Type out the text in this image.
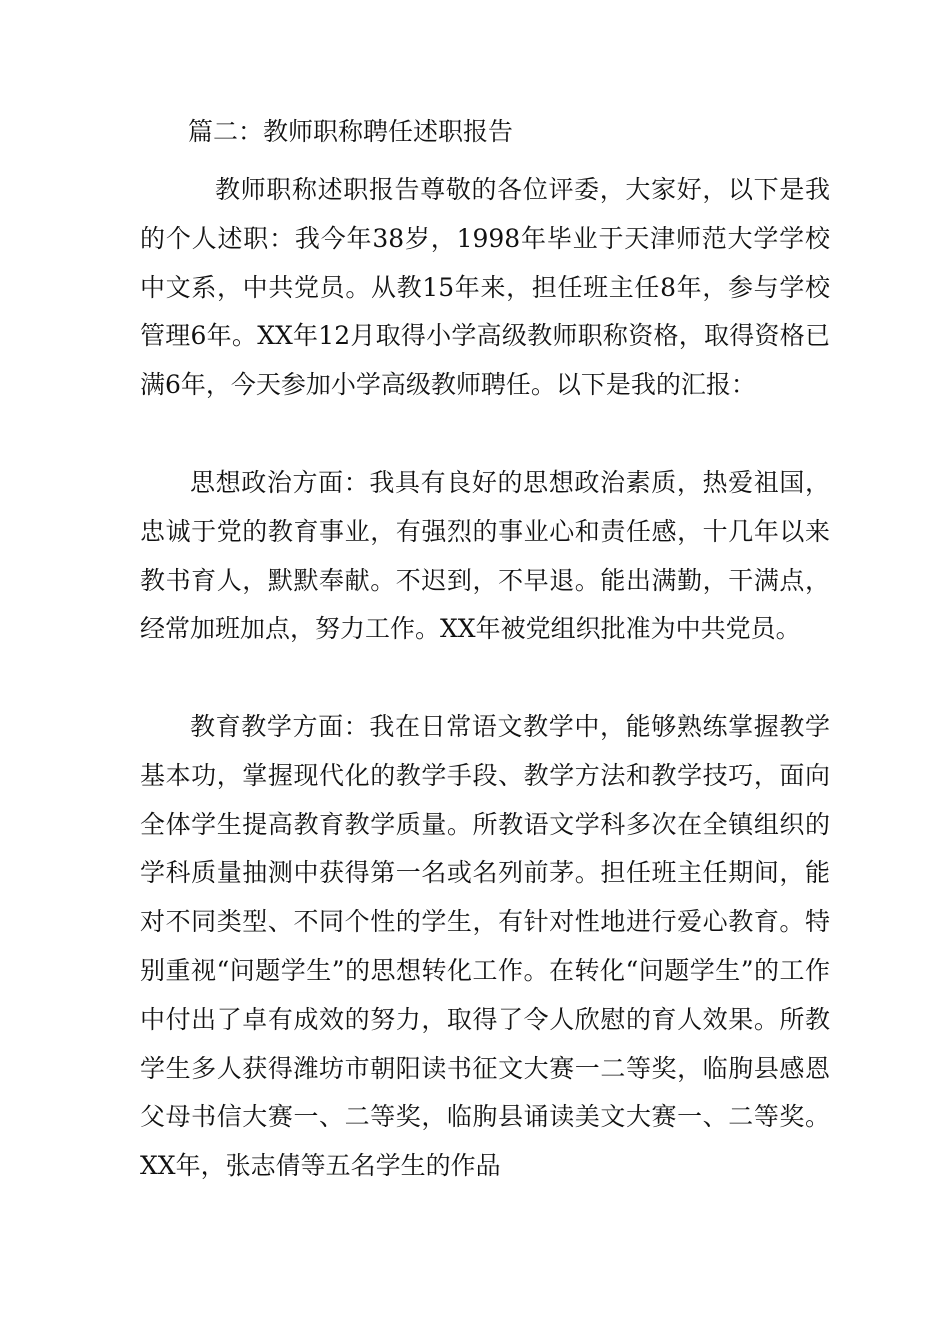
篇二：教师职称聘任述职报告

教师职称述职报告尊敬的各位评委，大家好，以下是我的个人述职：我今年38岁，1998年毕业于天津师范大学学校中文系，中共党员。从教15年来，担任班主任8年，参与学校管理6年。XX年12月取得小学高级教师职称资格，取得资格已满6年，今天参加小学高级教师聘任。以下是我的汇报：

思想政治方面：我具有良好的思想政治素质，热爱祖国，忠诚于党的教育事业，有强烈的事业心和责任感，十几年以来教书育人，默默奉献。不迟到，不早退。能出满勤，干满点，经常加班加点，努力工作。XX年被党组织批准为中共党员。

教育教学方面：我在日常语文教学中，能够熟练掌握教学基本功，掌握现代化的教学手段、教学方法和教学技巧，面向全体学生提高教育教学质量。所教语文学科多次在全镇组织的学科质量抽测中获得第一名或名列前茅。担任班主任期间，能对不同类型、不同个性的学生，有针对性地进行爱心教育。特别重视“问题学生”的思想转化工作。在转化“问题学生”的工作中付出了卓有成效的努力，取得了令人欣慰的育人效果。所教学生多人获得潍坊市朝阳读书征文大赛一二等奖，临朐县感恩父母书信大赛一、二等奖，临朐县诵读美文大赛一、二等奖。XX年，张志倩等五名学生的作品
